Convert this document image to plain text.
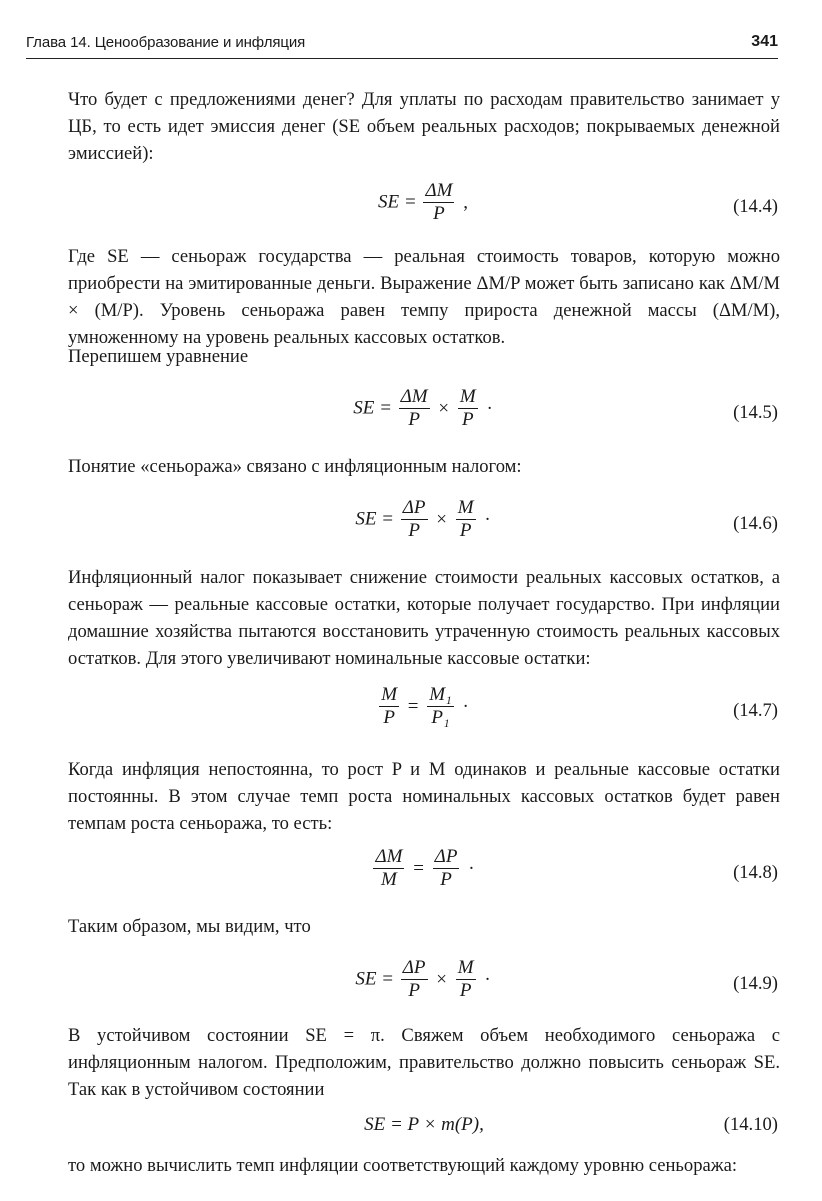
Глава 14. Ценообразование и инфляция	341

Что будет с предложениями денег? Для уплаты по расходам правительство занимает у ЦБ, то есть идет эмиссия денег (SE объем реальных расходов; покрываемых денежной эмиссией):

SE = $\frac{\Delta M}{P}$ ,	(14.4)

Где SE — сеньораж государства — реальная стоимость товаров, которую можно приобрести на эмитированные деньги. Выражение ΔM/P может быть записано как ΔM/M × (M/P). Уровень сеньоража равен темпу прироста денежной массы (ΔM/M), умноженному на уровень реальных кассовых остатков.

Перепишем уравнение

SE = $\frac{\Delta M}{P} \times \frac{M}{P}$ ·	(14.5)

Понятие «сеньоража» связано с инфляционным налогом:

SE = $\frac{\Delta P}{P} \times \frac{M}{P}$ ·	(14.6)

Инфляционный налог показывает снижение стоимости реальных кассовых остатков, а сеньораж — реальные кассовые остатки, которые получает государство. При инфляции домашние хозяйства пытаются восстановить утраченную стоимость реальных кассовых остатков. Для этого увеличивают номинальные кассовые остатки:

$\frac{M}{P} = \frac{\text{M₁}}{\text{P₁}}$ ·	(14.7)

Когда инфляция непостоянна, то рост P и M одинаков и реальные кассовые остатки постоянны. В этом случае темп роста номинальных кассовых остатков будет равен темпам роста сеньоража, то есть:

$\frac{\Delta M}{M} = \frac{\Delta P}{P}$ ·	(14.8)

Таким образом, мы видим, что

SE = $\frac{\Delta P}{P} \times \frac{M}{P}$ ·	(14.9)

В устойчивом состоянии SE = π. Свяжем объем необходимого сеньоража с инфляционным налогом. Предположим, правительство должно повысить сеньораж SE. Так как в устойчивом состоянии

SE = P × m(P),	(14.10)

то можно вычислить темп инфляции соответствующий каждому уровню сеньоража:
